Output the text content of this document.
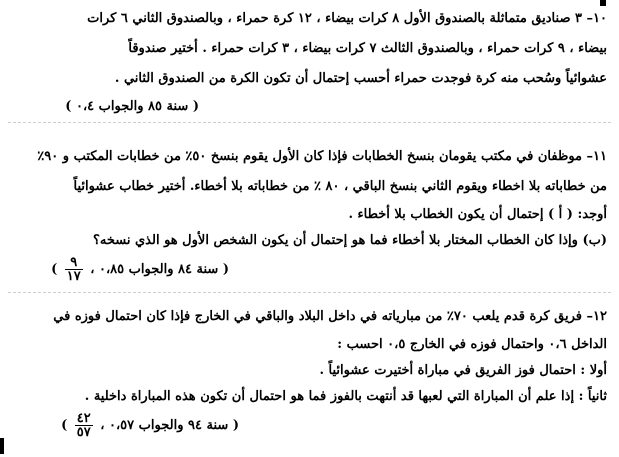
١٠– ٣ صناديق متماثلة بالصندوق الأول ٨ كرات بيضاء ، ١٢ كرة حمراء ، وبالصندوق الثاني ٦ كرات
بيضاء ، ٩ كرات حمراء ، وبالصندوق الثالث ٧ كرات بيضاء ، ٣ كرات حمراء . أختير صندوقاً
عشوائياً وسُحب منه كرة فوجدت حمراء أحسب إحتمال أن تكون الكرة من الصندوق الثاني .
( سنة ٨٥ والجواب ٠،٤ )
١١– موظفان في مكتب يقومان بنسخ الخطابات فإذا كان الأول يقوم بنسخ ٥٠٪ من خطابات المكتب و ٩٠٪
من خطاباته بلا اخطاء ويقوم الثاني بنسخ الباقي ، ٨٠ ٪ من خطاباته بلا أخطاء. أختير خطاب عشوائياً
أوجد: ( أ ) إحتمال أن يكون الخطاب بلا أخطاء .
(ب) وإذا كان الخطاب المختار بلا أخطاء فما هو إحتمال أن يكون الشخص الأول هو الذي نسخه؟
( سنة ٨٤ والجواب ٠،٨٥ ،
$\frac{٩}{١٧}$
)
١٢– فريق كرة قدم يلعب ٧٠٪ من مبارياته في داخل البلاد والباقي في الخارج فإذا كان احتمال فوزه في
الداخل ٠،٦ واحتمال فوزه في الخارج ٠،٥ احسب :
أولا : احتمال فوز الفريق في مباراة أختيرت عشوائياً .
ثانياً : إذا علم أن المباراة التي لعبها قد أنتهت بالفوز فما هو احتمال أن تكون هذه المباراة داخلية .
( سنة ٩٤ والجواب ٠،٥٧ ،
$\frac{٤٢}{٥٧}$
)
